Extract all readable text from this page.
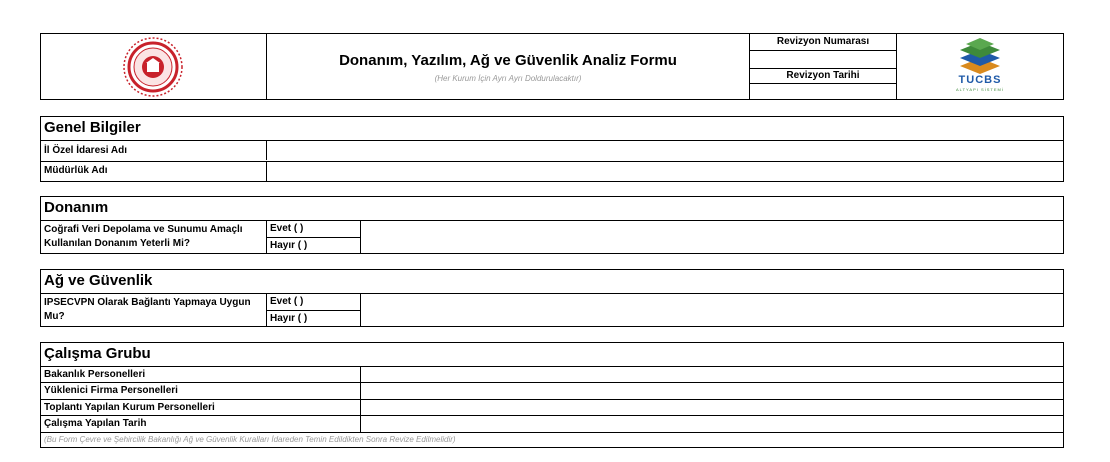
Donanım, Yazılım, Ağ ve Güvenlik Analiz Formu
(Her Kurum İçin Ayrı Ayrı Doldurulacaktır)
Revizyon Numarası
Revizyon Tarihi	TUCBS
ALTYAPI SİSTEMİ
Genel Bilgiler
İl Özel İdaresi Adı
Müdürlük Adı
Donanım
Coğrafi Veri Depolama ve Sunumu Amaçlı
Kullanılan Donanım Yeterli Mi?
Evet ( )
Hayır ( )
Ağ ve Güvenlik
IPSECVPN Olarak Bağlantı Yapmaya Uygun
Mu?
Evet ( )
Hayır ( )
Çalışma Grubu
Bakanlık Personelleri
Yüklenici Firma Personelleri
Toplantı Yapılan Kurum Personelleri
Çalışma Yapılan Tarih
(Bu Form Çevre ve Şehircilik Bakanlığı Ağ ve Güvenlik Kuralları İdareden Temin Edildikten Sonra Revize Edilmelidir)
